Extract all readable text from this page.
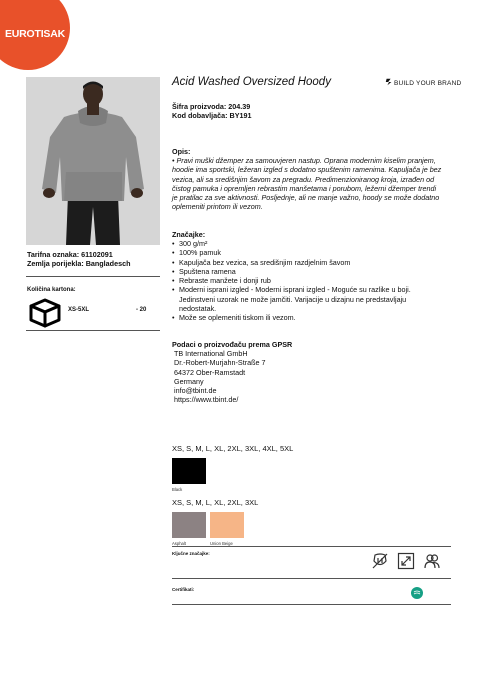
EUROTISAK
Acid Washed Oversized Hoody	BUILD YOUR BRAND
Šifra proizvoda: 204.39
Kod dobavljača: BY191
Tarifna oznaka: 61102091
Zemlja porijekla: Bangladesch
Količina kartona:
XS-5XL	- 20
Opis:
• Pravi muški džemper za samouvjeren nastup. Oprana modernim kiselim pranjem, hoodie ima sportski, ležeran izgled s dodatno spuštenim ramenima. Kapuljača je bez vezica, ali sa središnjim šavom za pregradu. Predimenzioniranog kroja, izrađen od čistog pamuka i opremljen rebrastim manšetama i porubom, ležerni džemper trendi je pratilac za sve aktivnosti. Posljednje, ali ne manje važno, hoody se može dodatno oplemeniti printom ili vezom.
Značajke:
• 300 g/m²
• 100% pamuk
• Kapuljača bez vezica, sa središnjim razdjelnim šavom
• Spuštena ramena
• Rebraste manžete i donji rub
• Moderni isprani izgled - Moderni isprani izgled - Moguće su razlike u boji. Jedinstveni uzorak ne može jamčiti. Varijacije u dizajnu ne predstavljaju nedostatak.
• Može se oplemeniti tiskom ili vezom.
Podaci o proizvođaču prema GPSR
TB International GmbH
Dr.-Robert-Murjahn-Straße 7
64372 Ober-Ramstadt
Germany
info@tbint.de
https://www.tbint.de/
XS, S, M, L, XL, 2XL, 3XL, 4XL, 5XL
Black
XS, S, M, L, XL, 2XL, 3XL
Asphalt	Union Beige
Ključne značajke:
Certifikati:
